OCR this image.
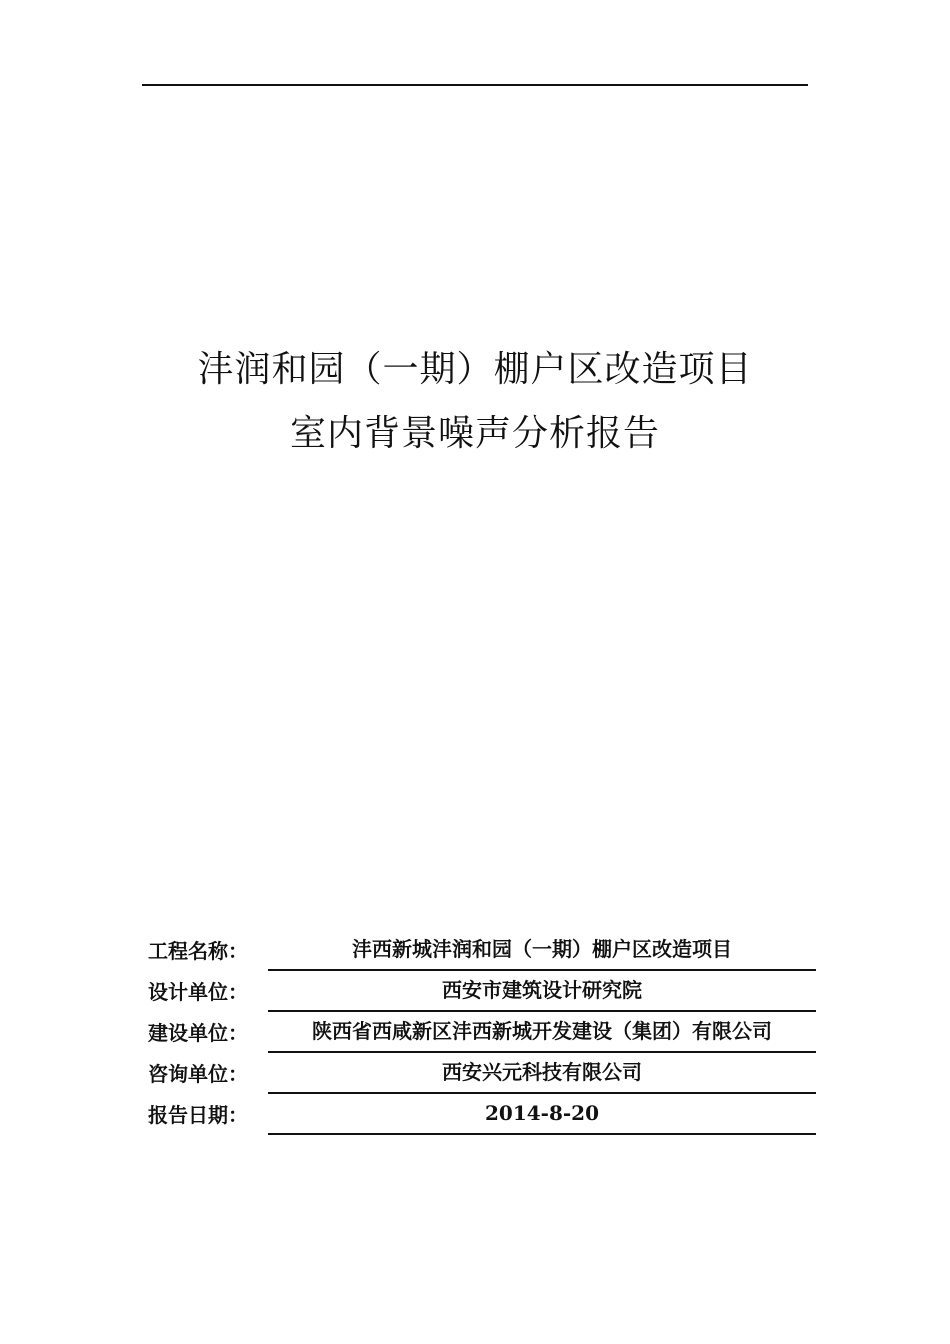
沣润和园（一期）棚户区改造项目
室内背景噪声分析报告
工程名称：	沣西新城沣润和园（一期）棚户区改造项目
设计单位：	西安市建筑设计研究院
建设单位：	陕西省西咸新区沣西新城开发建设（集团）有限公司
咨询单位：	西安兴元科技有限公司
报告日期：	2014-8-20
